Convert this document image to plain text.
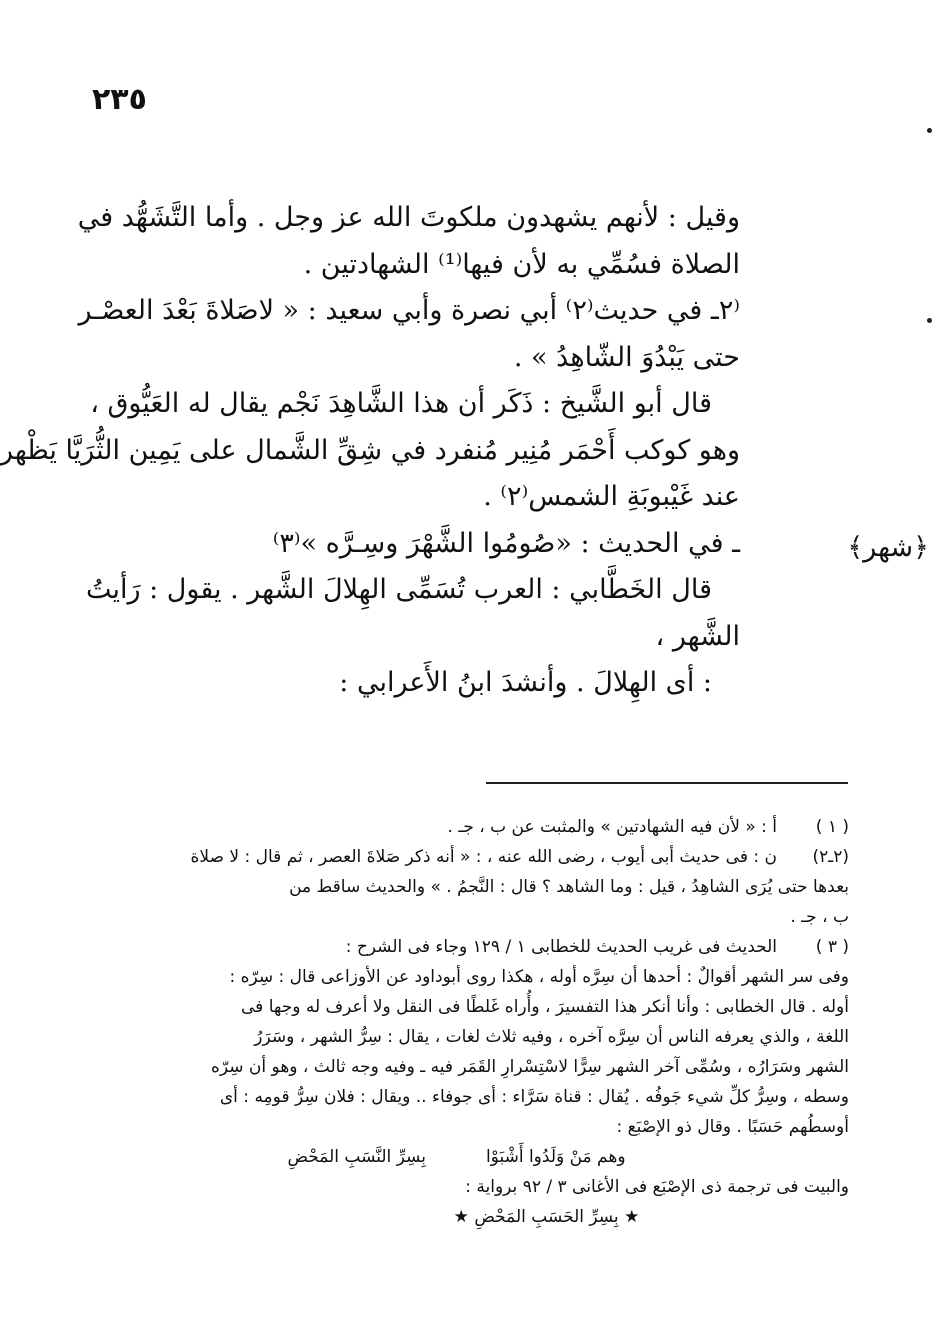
٢٣٥
وقيل : لأنهم يشهدون ملكوتَ الله عز وجل . وأما التَّشَهُّد في
الصلاة فسُمِّي به لأن فيها⁽¹⁾ الشهادتين .
⁽٢ـ في حديث⁽٢⁾ أبي نصرة وأبي سعيد : « لاصَلاةَ بَعْدَ العصْـر
حتى يَبْدُوَ الشّاهِدُ » .
قال أبو الشَّيخ : ذَكَر أن هذا الشَّاهِدَ نَجْم يقال له العَيُّوق ،
وهو كوكب أَحْمَر مُنِير مُنفرد في شِقِّ الشَّمال على يَمِين الثُّرَيَّا يَظْهر
عند غَيْبوبَةِ الشمس⁽٢⁾ .
ـ في الحديث : «صُومُوا الشَّهْرَ وسِـرَّه »⁽٣⁾
قال الخَطَّابي : العرب تُسَمِّى الهِلالَ الشَّهر . يقول : رَأيتُ
الشَّهر ،
: أى الهِلالَ . وأنشدَ ابنُ الأَعرابي :
﴿شهر﴾
( ١ )
أ : « لأن فيه الشهادتين » والمثبت عن ب ، جـ .
(٢ـ٢)
ن : فى حديث أبى أيوب ، رضى الله عنه ، : « أنه ذكر صَلاةَ العصر ، ثم قال : لا صلاة
بعدها حتى يُرَى الشاهِدُ ، قيل : وما الشاهد ؟ قال : النَّجمُ . » والحديث ساقط من
ب ، جـ .
( ٣ )
الحديث فى غريب الحديث للخطابى ١ / ١٢٩ وجاء فى الشرح :
وفى سر الشهر أقوالٌ : أحدها أن سِرَّه أوله ، هكذا روى أبوداود عن الأوزاعى قال : سِرّه :
أوله . قال الخطابى : وأنا أنكر هذا التفسيرَ ، وأُراه غَلطًا فى النقل ولا أعرف له وجها فى
اللغة ، والذي يعرفه الناس أن سِرَّه آخره ، وفيه ثلاث لغات ، يقال : سِرُّ الشهر ، وسَرَرُ
الشهر وسَرَارُه ، وسُمِّى آخر الشهر سِرًّا لاسْتِسْرارِ القَمَر فيه ـ وفيه وجه ثالث ، وهو أن سِرّه
وسطه ، وسِرُّ كلِّ شيء جَوفُه . يُقال : قناة سَرَّاء : أى جوفاء .. ويقال : فلان سِرُّ قومِه : أى
أوسطُهم حَسَبًا . وقال ذو الإصْبَع :
وهم مَنْ وَلَدُوا أَشْبَوْا
بِسِرِّ النَّسَبِ المَحْضِ
والبيت فى ترجمة ذى الإصْبَع فى الأغانى ٣ / ٩٢ برواية :
★ بِسِرِّ الحَسَبِ المَحْضِ ★
